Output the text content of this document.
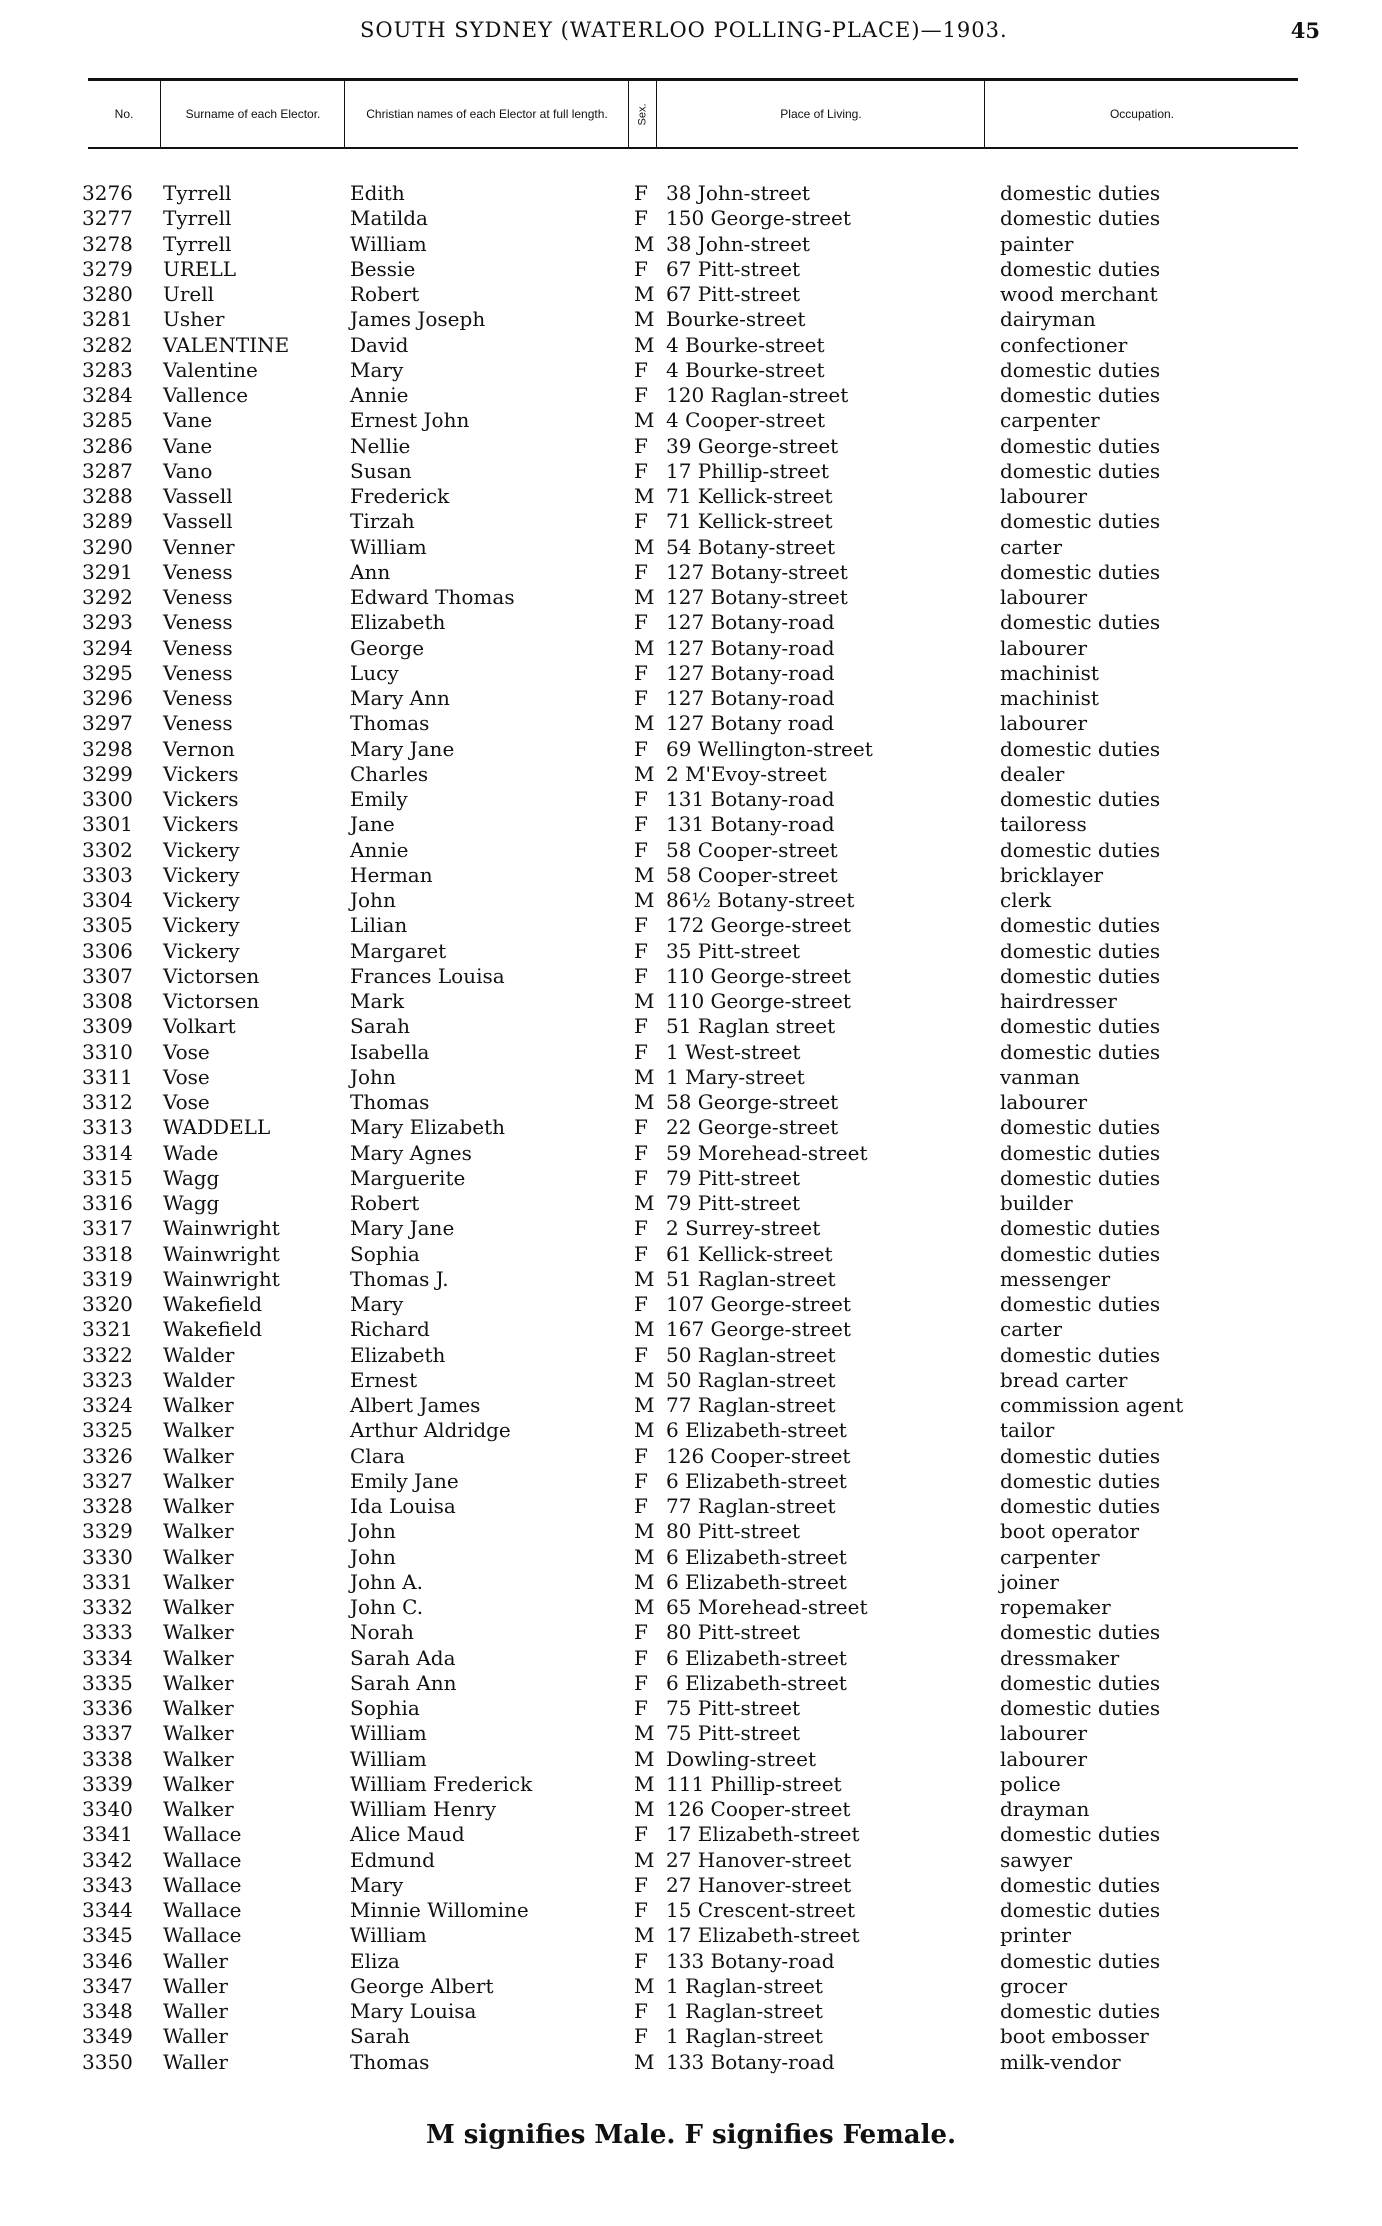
SOUTH SYDNEY (WATERLOO POLLING-PLACE)—1903.	45
No.	Surname of each Elector.	Christian names of each Elector at full length.	Sex.	Place of Living.	Occupation.
3276 Tyrrell	Edith	F 38 John-street	domestic duties
3277 Tyrrell	Matilda	F 150 George-street	domestic duties
3278 Tyrrell	William	M 38 John-street	painter
3279 URELL	Bessie	F 67 Pitt-street	domestic duties
3280 Urell	Robert	M 67 Pitt-street	wood merchant
3281 Usher	James Joseph	M Bourke-street	dairyman
3282 VALENTINE	David	M 4 Bourke-street	confectioner
3283 Valentine	Mary	F 4 Bourke-street	domestic duties
3284 Vallence	Annie	F 120 Raglan-street	domestic duties
3285 Vane	Ernest John	M 4 Cooper-street	carpenter
3286 Vane	Nellie	F 39 George-street	domestic duties
3287 Vano	Susan	F 17 Phillip-street	domestic duties
3288 Vassell	Frederick	M 71 Kellick-street	labourer
3289 Vassell	Tirzah	F 71 Kellick-street	domestic duties
3290 Venner	William	M 54 Botany-street	carter
3291 Veness	Ann	F 127 Botany-street	domestic duties
3292 Veness	Edward Thomas	M 127 Botany-street	labourer
3293 Veness	Elizabeth	F 127 Botany-road	domestic duties
3294 Veness	George	M 127 Botany-road	labourer
3295 Veness	Lucy	F 127 Botany-road	machinist
3296 Veness	Mary Ann	F 127 Botany-road	machinist
3297 Veness	Thomas	M 127 Botany road	labourer
3298 Vernon	Mary Jane	F 69 Wellington-street	domestic duties
3299 Vickers	Charles	M 2 M'Evoy-street	dealer
3300 Vickers	Emily	F 131 Botany-road	domestic duties
3301 Vickers	Jane	F 131 Botany-road	tailoress
3302 Vickery	Annie	F 58 Cooper-street	domestic duties
3303 Vickery	Herman	M 58 Cooper-street	bricklayer
3304 Vickery	John	M 86½ Botany-street	clerk
3305 Vickery	Lilian	F 172 George-street	domestic duties
3306 Vickery	Margaret	F 35 Pitt-street	domestic duties
3307 Victorsen	Frances Louisa	F 110 George-street	domestic duties
3308 Victorsen	Mark	M 110 George-street	hairdresser
3309 Volkart	Sarah	F 51 Raglan street	domestic duties
3310 Vose	Isabella	F 1 West-street	domestic duties
3311 Vose	John	M 1 Mary-street	vanman
3312 Vose	Thomas	M 58 George-street	labourer
3313 WADDELL	Mary Elizabeth	F 22 George-street	domestic duties
3314 Wade	Mary Agnes	F 59 Morehead-street	domestic duties
3315 Wagg	Marguerite	F 79 Pitt-street	domestic duties
3316 Wagg	Robert	M 79 Pitt-street	builder
3317 Wainwright	Mary Jane	F 2 Surrey-street	domestic duties
3318 Wainwright	Sophia	F 61 Kellick-street	domestic duties
3319 Wainwright	Thomas J.	M 51 Raglan-street	messenger
3320 Wakefield	Mary	F 107 George-street	domestic duties
3321 Wakefield	Richard	M 167 George-street	carter
3322 Walder	Elizabeth	F 50 Raglan-street	domestic duties
3323 Walder	Ernest	M 50 Raglan-street	bread carter
3324 Walker	Albert James	M 77 Raglan-street	commission agent
3325 Walker	Arthur Aldridge	M 6 Elizabeth-street	tailor
3326 Walker	Clara	F 126 Cooper-street	domestic duties
3327 Walker	Emily Jane	F 6 Elizabeth-street	domestic duties
3328 Walker	Ida Louisa	F 77 Raglan-street	domestic duties
3329 Walker	John	M 80 Pitt-street	boot operator
3330 Walker	John	M 6 Elizabeth-street	carpenter
3331 Walker	John A.	M 6 Elizabeth-street	joiner
3332 Walker	John C.	M 65 Morehead-street	ropemaker
3333 Walker	Norah	F 80 Pitt-street	domestic duties
3334 Walker	Sarah Ada	F 6 Elizabeth-street	dressmaker
3335 Walker	Sarah Ann	F 6 Elizabeth-street	domestic duties
3336 Walker	Sophia	F 75 Pitt-street	domestic duties
3337 Walker	William	M 75 Pitt-street	labourer
3338 Walker	William	M Dowling-street	labourer
3339 Walker	William Frederick	M 111 Phillip-street	police
3340 Walker	William Henry	M 126 Cooper-street	drayman
3341 Wallace	Alice Maud	F 17 Elizabeth-street	domestic duties
3342 Wallace	Edmund	M 27 Hanover-street	sawyer
3343 Wallace	Mary	F 27 Hanover-street	domestic duties
3344 Wallace	Minnie Willomine	F 15 Crescent-street	domestic duties
3345 Wallace	William	M 17 Elizabeth-street	printer
3346 Waller	Eliza	F 133 Botany-road	domestic duties
3347 Waller	George Albert	M 1 Raglan-street	grocer
3348 Waller	Mary Louisa	F 1 Raglan-street	domestic duties
3349 Waller	Sarah	F 1 Raglan-street	boot embosser
3350 Waller	Thomas	M 133 Botany-road	milk-vendor
M signifies Male. F signifies Female.
